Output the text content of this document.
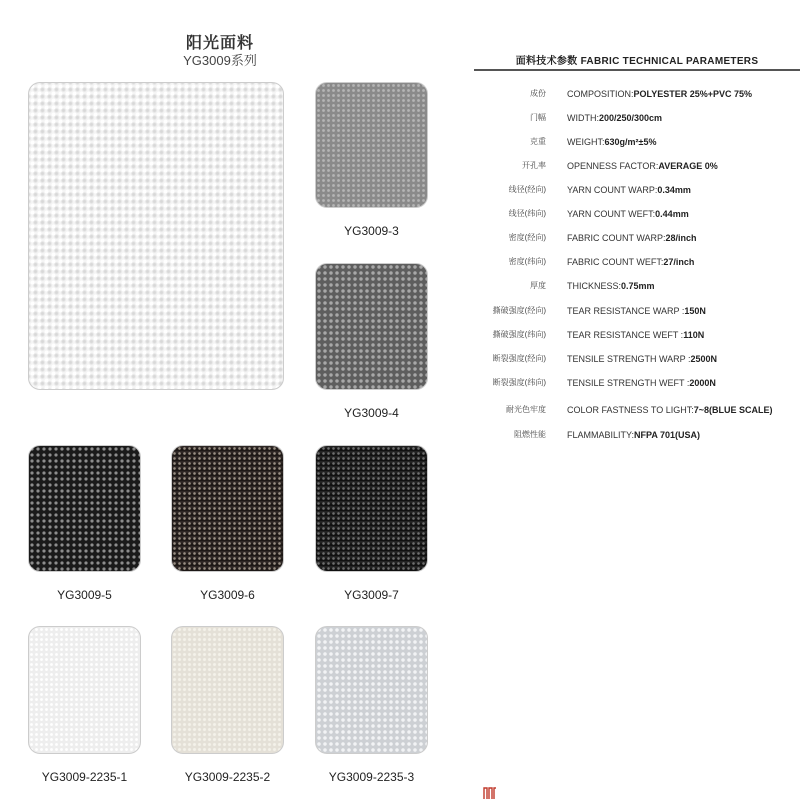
阳光面料
YG3009系列
YG3009-3
YG3009-4
YG3009-5	YG3009-6	YG3009-7
YG3009-2235-1	YG3009-2235-2	YG3009-2235-3
面料技术参数 FABRIC TECHNICAL PARAMETERS
成份 COMPOSITION:POLYESTER 25%+PVC 75%
门幅 WIDTH:200/250/300cm
克重 WEIGHT:630g/m²±5%
开孔率 OPENNESS FACTOR:AVERAGE 0%
线径(经向) YARN COUNT WARP:0.34mm
线径(纬向) YARN COUNT WEFT:0.44mm
密度(经向) FABRIC COUNT WARP:28/inch
密度(纬向) FABRIC COUNT WEFT:27/inch
厚度 THICKNESS:0.75mm
撕破强度(经向) TEAR RESISTANCE WARP :150N
撕破强度(纬向) TEAR RESISTANCE WEFT :110N
断裂强度(经向) TENSILE STRENGTH WARP :2500N
断裂强度(纬向) TENSILE STRENGTH WEFT :2000N
耐光色牢度 COLOR FASTNESS TO LIGHT:7~8(BLUE SCALE)
阻燃性能 FLAMMABILITY:NFPA 701(USA)
